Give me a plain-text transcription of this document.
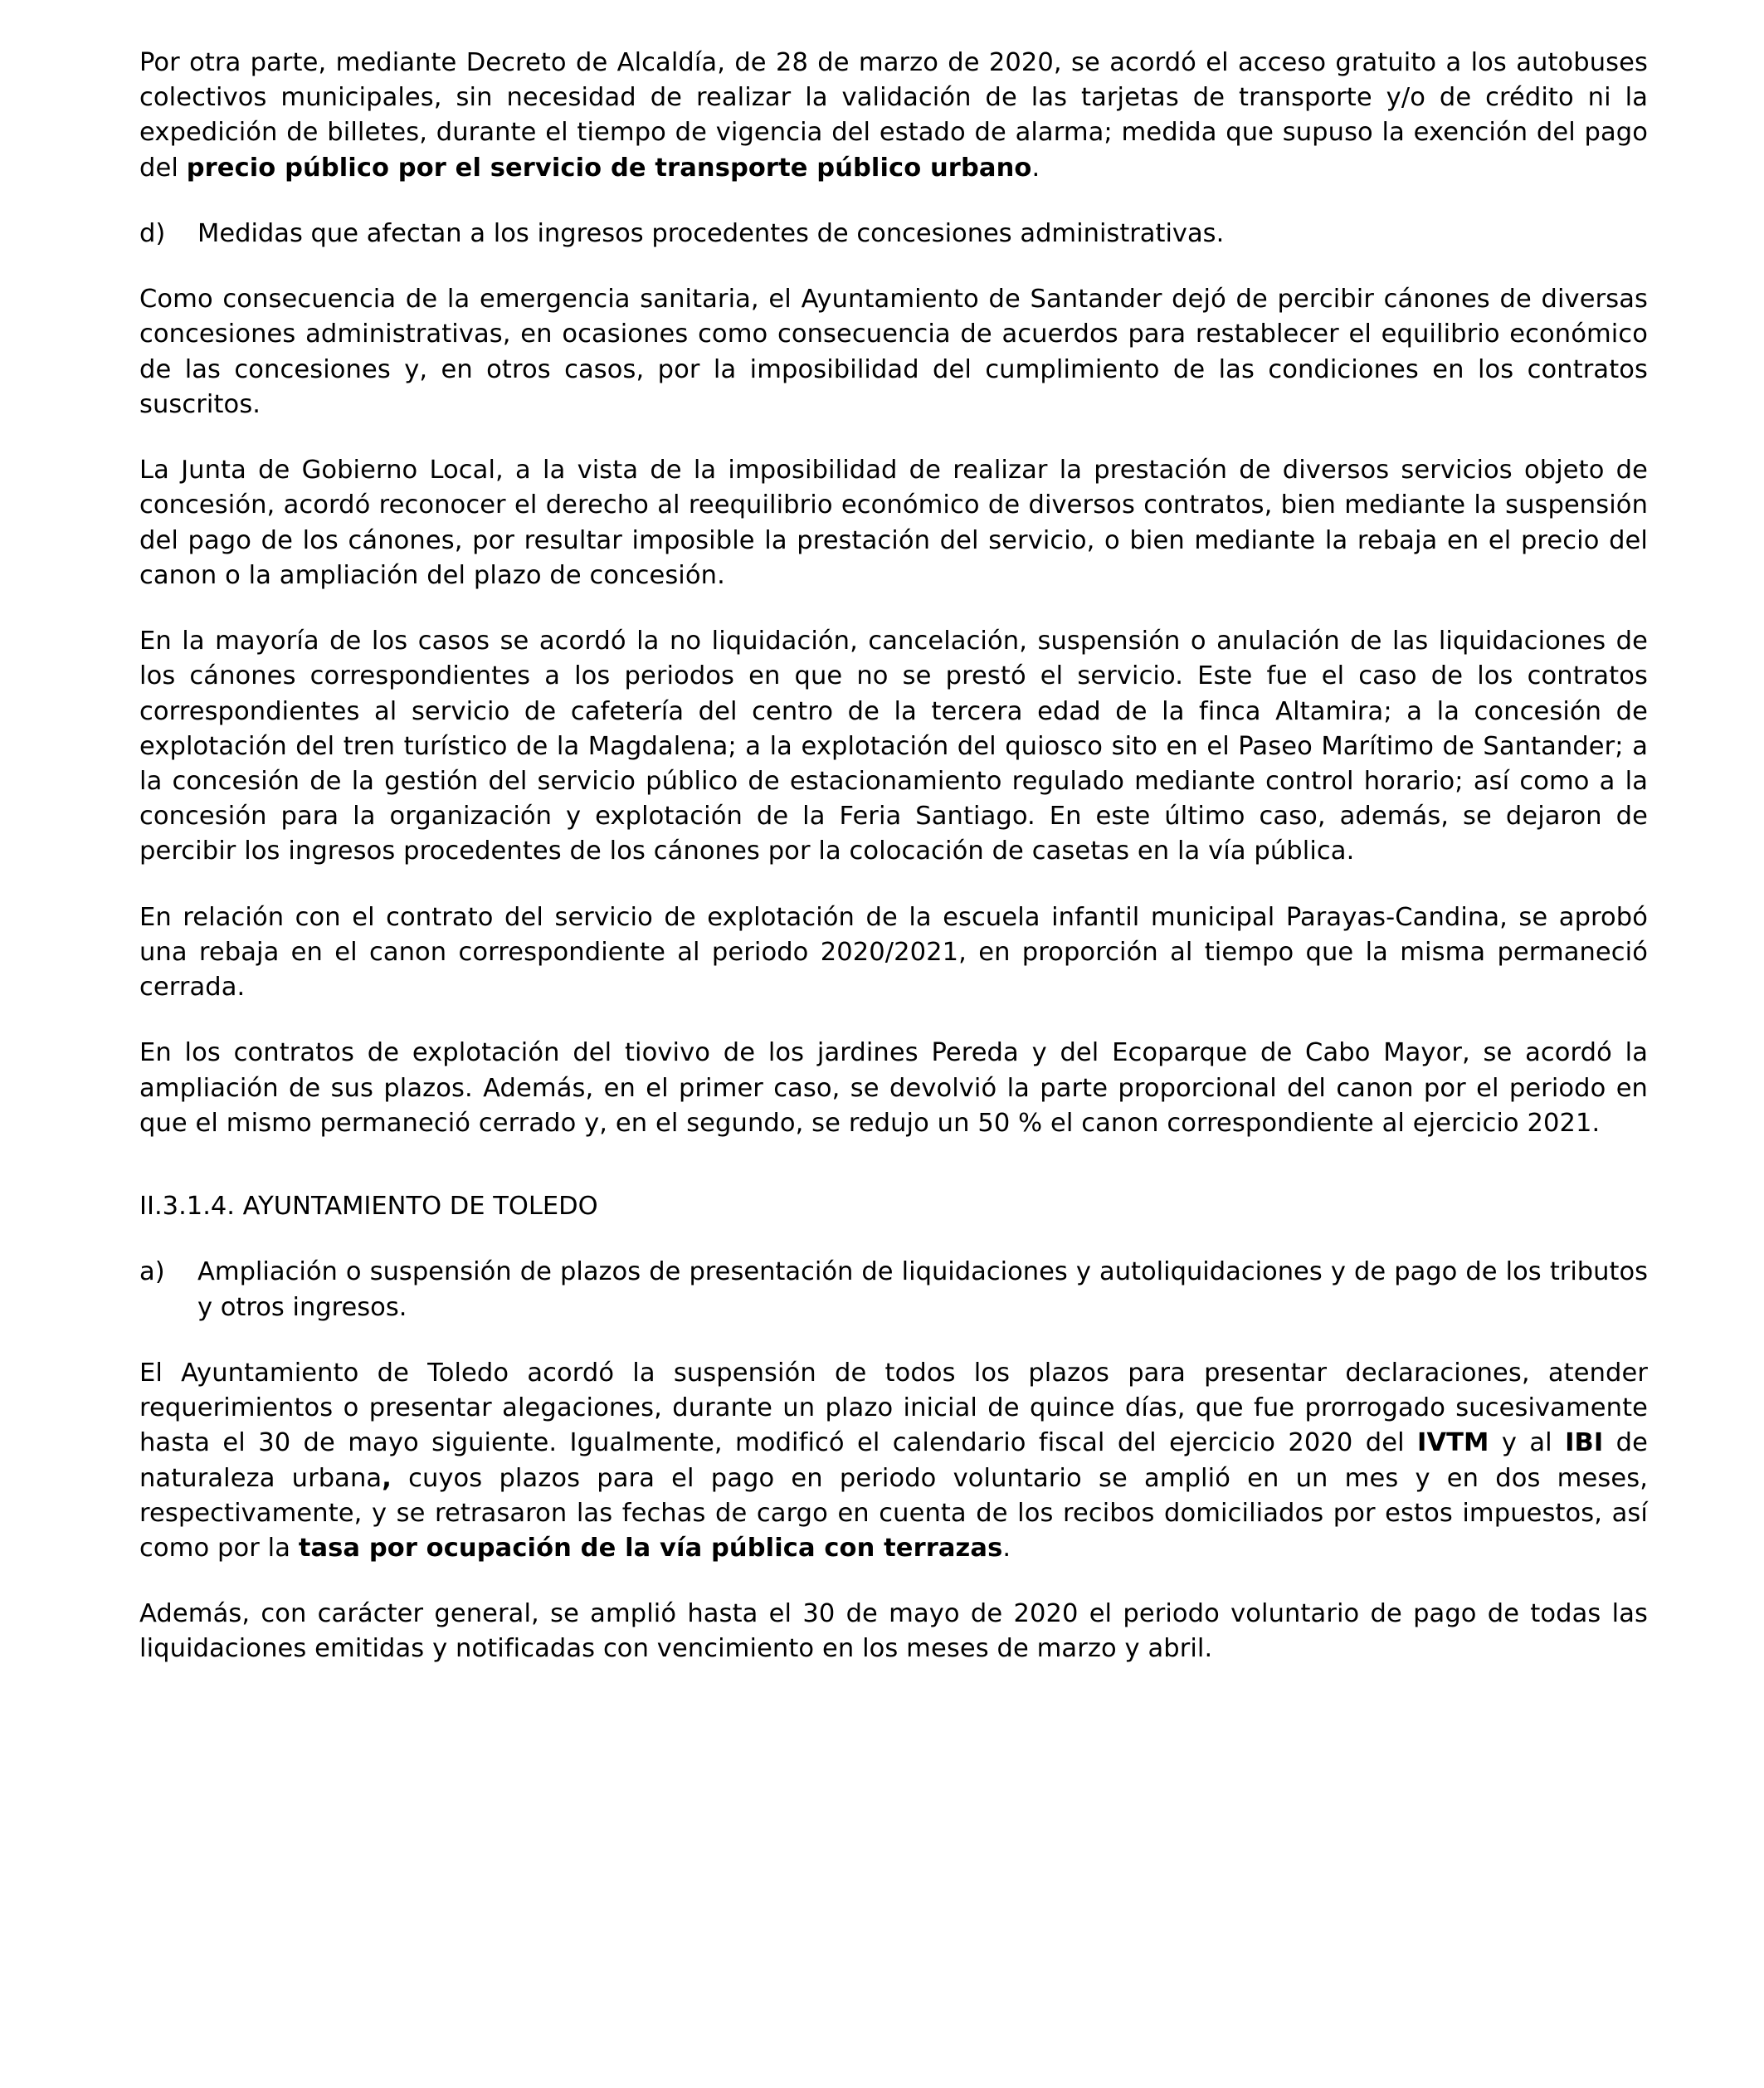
Por otra parte, mediante Decreto de Alcaldía, de 28 de marzo de 2020, se acordó el acceso gratuito a los autobuses colectivos municipales, sin necesidad de realizar la validación de las tarjetas de transporte y/o de crédito ni la expedición de billetes, durante el tiempo de vigencia del estado de alarma; medida que supuso la exención del pago del precio público por el servicio de transporte público urbano.
d)	Medidas que afectan a los ingresos procedentes de concesiones administrativas.
Como consecuencia de la emergencia sanitaria, el Ayuntamiento de Santander dejó de percibir cánones de diversas concesiones administrativas, en ocasiones como consecuencia de acuerdos para restablecer el equilibrio económico de las concesiones y, en otros casos, por la imposibilidad del cumplimiento de las condiciones en los contratos suscritos.
La Junta de Gobierno Local, a la vista de la imposibilidad de realizar la prestación de diversos servicios objeto de concesión, acordó reconocer el derecho al reequilibrio económico de diversos contratos, bien mediante la suspensión del pago de los cánones, por resultar imposible la prestación del servicio, o bien mediante la rebaja en el precio del canon o la ampliación del plazo de concesión.
En la mayoría de los casos se acordó la no liquidación, cancelación, suspensión o anulación de las liquidaciones de los cánones correspondientes a los periodos en que no se prestó el servicio. Este fue el caso de los contratos correspondientes al servicio de cafetería del centro de la tercera edad de la finca Altamira; a la concesión de explotación del tren turístico de la Magdalena; a la explotación del quiosco sito en el Paseo Marítimo de Santander; a la concesión de la gestión del servicio público de estacionamiento regulado mediante control horario; así como a la concesión para la organización y explotación de la Feria Santiago. En este último caso, además, se dejaron de percibir los ingresos procedentes de los cánones por la colocación de casetas en la vía pública.
En relación con el contrato del servicio de explotación de la escuela infantil municipal Parayas-Candina, se aprobó una rebaja en el canon correspondiente al periodo 2020/2021, en proporción al tiempo que la misma permaneció cerrada.
En los contratos de explotación del tiovivo de los jardines Pereda y del Ecoparque de Cabo Mayor, se acordó la ampliación de sus plazos. Además, en el primer caso, se devolvió la parte proporcional del canon por el periodo en que el mismo permaneció cerrado y, en el segundo, se redujo un 50 % el canon correspondiente al ejercicio 2021.
II.3.1.4. AYUNTAMIENTO DE TOLEDO
a)	Ampliación o suspensión de plazos de presentación de liquidaciones y autoliquidaciones y de pago de los tributos y otros ingresos.
El Ayuntamiento de Toledo acordó la suspensión de todos los plazos para presentar declaraciones, atender requerimientos o presentar alegaciones, durante un plazo inicial de quince días, que fue prorrogado sucesivamente hasta el 30 de mayo siguiente. Igualmente, modificó el calendario fiscal del ejercicio 2020 del IVTM y al IBI de naturaleza urbana, cuyos plazos para el pago en periodo voluntario se amplió en un mes y en dos meses, respectivamente, y se retrasaron las fechas de cargo en cuenta de los recibos domiciliados por estos impuestos, así como por la tasa por ocupación de la vía pública con terrazas.
Además, con carácter general, se amplió hasta el 30 de mayo de 2020 el periodo voluntario de pago de todas las liquidaciones emitidas y notificadas con vencimiento en los meses de marzo y abril.
